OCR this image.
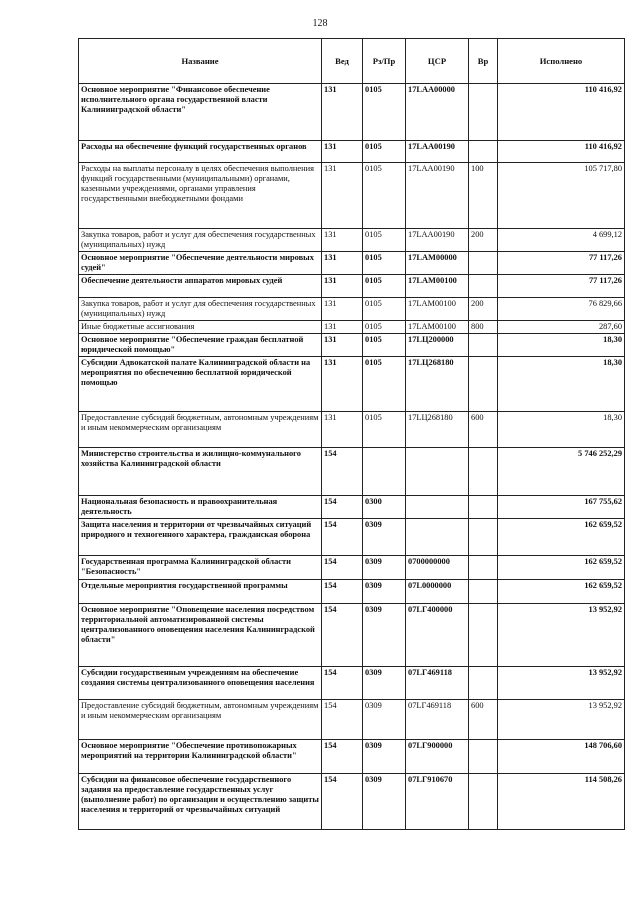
128
Название	Вед	Рз/Пр	ЦСР	Вр	Исполнено
Основное мероприятие "Финансовое обеспечение исполнительного органа государственной власти Калининградской области"	131	0105	17LAA00000		110 416,92
Расходы на обеспечение функций государственных органов	131	0105	17LAA00190		110 416,92
Расходы на выплаты персоналу в целях обеспечения выполнения функций государственными (муниципальными) органами, казенными учреждениями, органами управления государственными внебюджетными фондами	131	0105	17LAA00190	100	105 717,80
Закупка товаров, работ и услуг для обеспечения государственных (муниципальных) нужд	131	0105	17LAA00190	200	4 699,12
Основное мероприятие "Обеспечение деятельности мировых судей"	131	0105	17LAM00000		77 117,26
Обеспечение деятельности аппаратов мировых судей	131	0105	17LAM00100		77 117,26
Закупка товаров, работ и услуг для обеспечения государственных (муниципальных) нужд	131	0105	17LAM00100	200	76 829,66
Иные бюджетные ассигнования	131	0105	17LAM00100	800	287,60
Основное мероприятие "Обеспечение граждан бесплатной юридической помощью"	131	0105	17LЦ200000		18,30
Субсидии Адвокатской палате Калининградской области на мероприятия по обеспечению бесплатной юридической помощью	131	0105	17LЦ268180		18,30
Предоставление субсидий бюджетным, автономным учреждениям и иным некоммерческим организациям	131	0105	17LЦ268180	600	18,30
Министерство строительства и жилищно-коммунального хозяйства Калининградской области	154				5 746 252,29
Национальная безопасность и правоохранительная деятельность	154	0300			167 755,62
Защита населения и территории от чрезвычайных ситуаций природного и техногенного характера, гражданская оборона	154	0309			162 659,52
Государственная программа Калининградской области "Безопасность"	154	0309	0700000000		162 659,52
Отдельные мероприятия государственной программы	154	0309	07L0000000		162 659,52
Основное мероприятие "Оповещение населения посредством территориальной автоматизированной системы централизованного оповещения населения Калининградской области"	154	0309	07LГ400000		13 952,92
Субсидии государственным учреждениям на обеспечение создания системы централизованного оповещения населения	154	0309	07LГ469118		13 952,92
Предоставление субсидий бюджетным, автономным учреждениям и иным некоммерческим организациям	154	0309	07LГ469118	600	13 952,92
Основное мероприятие "Обеспечение противопожарных мероприятий на территории Калининградской области"	154	0309	07LГ900000		148 706,60
Субсидии на финансовое обеспечение государственного задания на предоставление государственных услуг (выполнение работ) по организации и осуществлению защиты населения и территорий от чрезвычайных ситуаций	154	0309	07LГ910670		114 508,26
